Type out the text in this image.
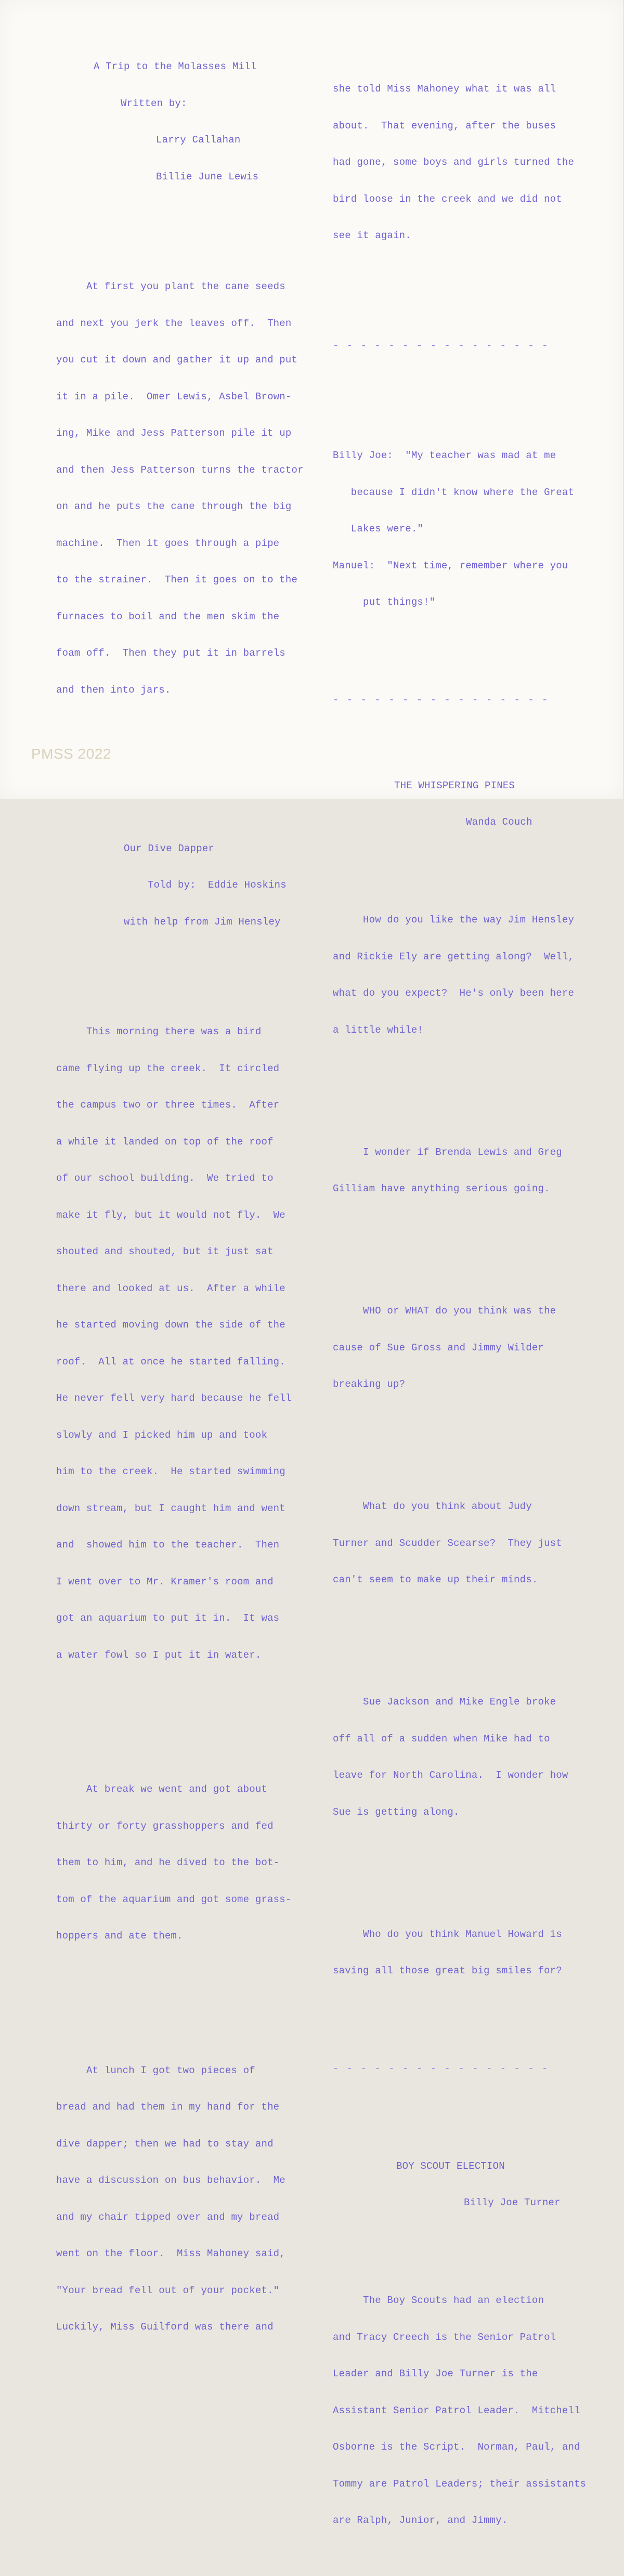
A Trip to the Molasses Mill

Written by:

Larry Callahan

Billie June Lewis

At first you plant the cane seeds

and next you jerk the leaves off.  Then

you cut it down and gather it up and put

it in a pile.  Omer Lewis, Asbel Brown-

ing, Mike and Jess Patterson pile it up

and then Jess Patterson turns the tractor

on and he puts the cane through the big

machine.  Then it goes through a pipe

to the strainer.  Then it goes on to the

furnaces to boil and the men skim the

foam off.  Then they put it in barrels

and then into jars.

Our Dive Dapper

Told by:  Eddie Hoskins

with help from Jim Hensley

This morning there was a bird

came flying up the creek.  It circled

the campus two or three times.  After

a while it landed on top of the roof

of our school building.  We tried to

make it fly, but it would not fly.  We

shouted and shouted, but it just sat

there and looked at us.  After a while

he started moving down the side of the

roof.  All at once he started falling.

He never fell very hard because he fell

slowly and I picked him up and took

him to the creek.  He started swimming

down stream, but I caught him and went

and  showed him to the teacher.  Then

I went over to Mr. Kramer's room and

got an aquarium to put it in.  It was

a water fowl so I put it in water.

At break we went and got about

thirty or forty grasshoppers and fed

them to him, and he dived to the bot-

tom of the aquarium and got some grass-

hoppers and ate them.

At lunch I got two pieces of

bread and had them in my hand for the

dive dapper; then we had to stay and

have a discussion on bus behavior.  Me

and my chair tipped over and my bread

went on the floor.  Miss Mahoney said,

"Your bread fell out of your pocket."

Luckily, Miss Guilford was there and

she told Miss Mahoney what it was all

about.  That evening, after the buses

had gone, some boys and girls turned the

bird loose in the creek and we did not

see it again.

- - - - - - - - - - - - - - - -

Billy Joe:  "My teacher was mad at me

because I didn't know where the Great

Lakes were."

Manuel:  "Next time, remember where you

put things!"

- - - - - - - - - - - - - - - -

THE WHISPERING PINES

Wanda Couch

How do you like the way Jim Hensley

and Rickie Ely are getting along?  Well,

what do you expect?  He's only been here

a little while!

I wonder if Brenda Lewis and Greg

Gilliam have anything serious going.

WHO or WHAT do you think was the

cause of Sue Gross and Jimmy Wilder

breaking up?

What do you think about Judy

Turner and Scudder Scearse?  They just

can't seem to make up their minds.

Sue Jackson and Mike Engle broke

off all of a sudden when Mike had to

leave for North Carolina.  I wonder how

Sue is getting along.

Who do you think Manuel Howard is

saving all those great big smiles for?

- - - - - - - - - - - - - - - -

BOY SCOUT ELECTION

Billy Joe Turner

The Boy Scouts had an election

and Tracy Creech is the Senior Patrol

Leader and Billy Joe Turner is the

Assistant Senior Patrol Leader.  Mitchell

Osborne is the Script.  Norman, Paul, and

Tommy are Patrol Leaders; their assistants

are Ralph, Junior, and Jimmy.

PMSS 2022
